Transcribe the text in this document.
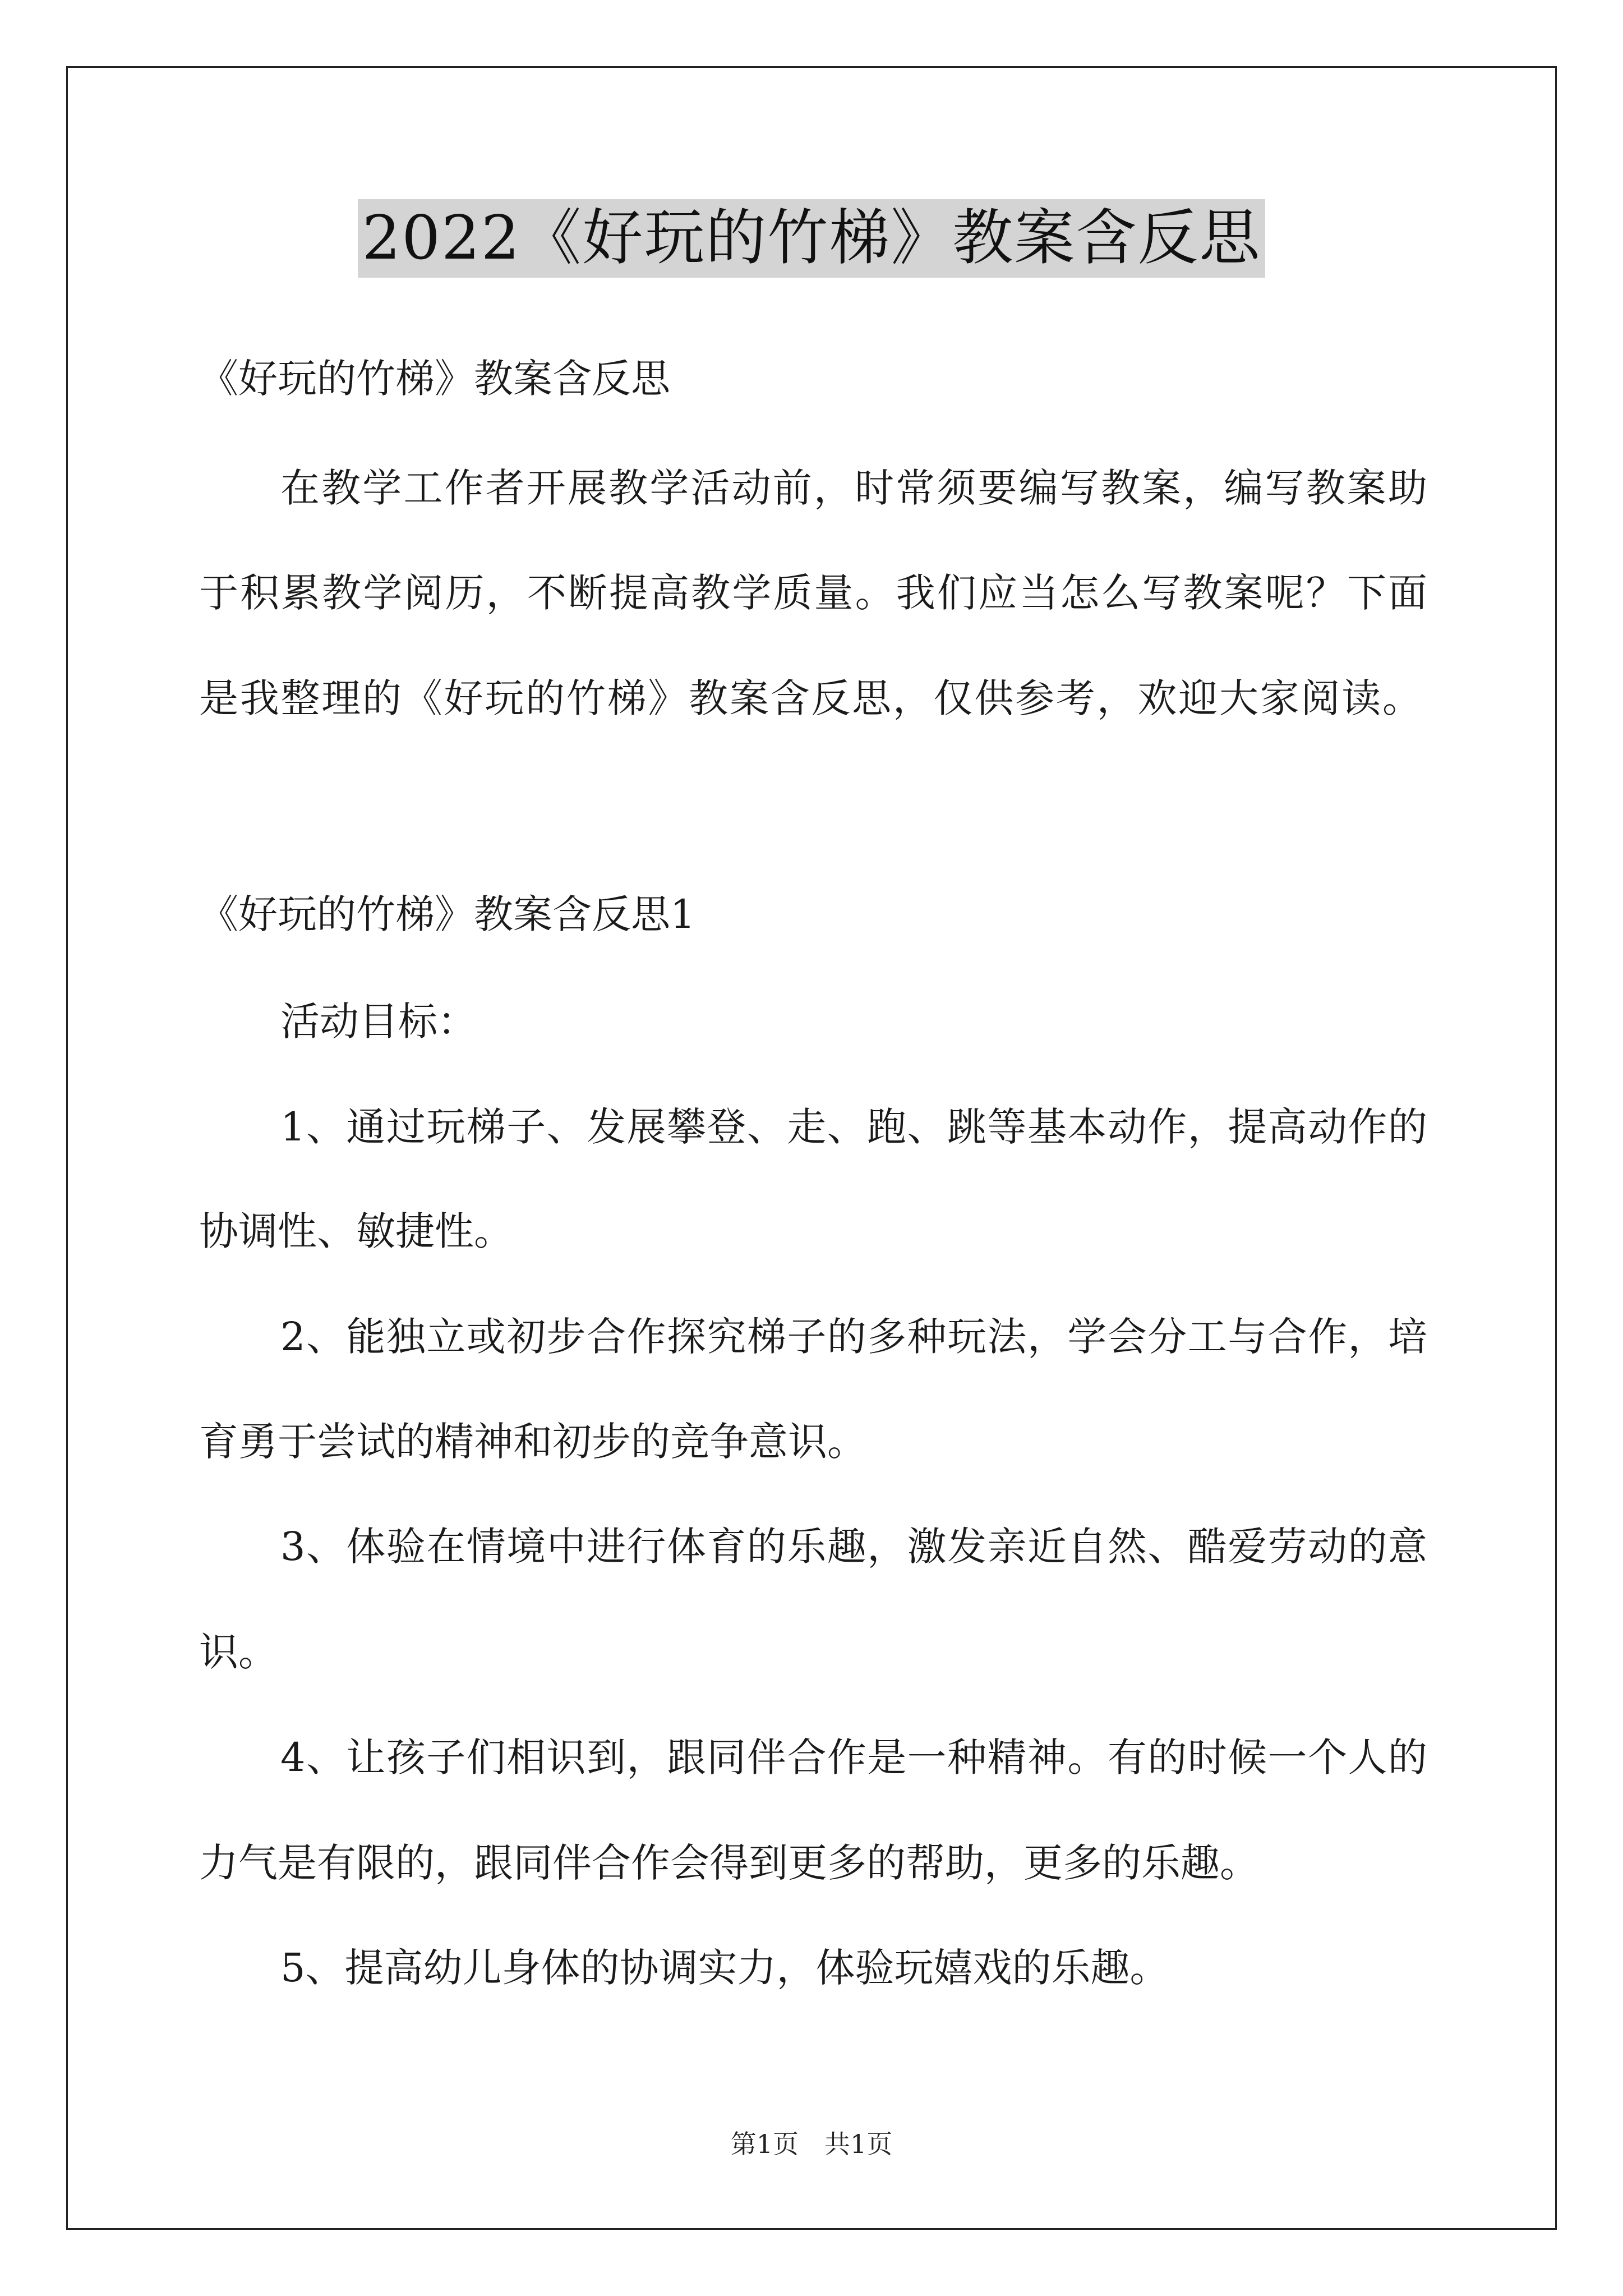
2022《好玩的竹梯》教案含反思
《好玩的竹梯》教案含反思
在教学工作者开展教学活动前，时常须要编写教案，编写教案助
于积累教学阅历，不断提高教学质量。我们应当怎么写教案呢？下面
是我整理的《好玩的竹梯》教案含反思，仅供参考，欢迎大家阅读。
《好玩的竹梯》教案含反思1
活动目标：
1、通过玩梯子、发展攀登、走、跑、跳等基本动作，提高动作的
协调性、敏捷性。
2、能独立或初步合作探究梯子的多种玩法，学会分工与合作，培
育勇于尝试的精神和初步的竞争意识。
3、体验在情境中进行体育的乐趣，激发亲近自然、酷爱劳动的意
识。
4、让孩子们相识到，跟同伴合作是一种精神。有的时候一个人的
力气是有限的，跟同伴合作会得到更多的帮助，更多的乐趣。
5、提高幼儿身体的协调实力，体验玩嬉戏的乐趣。
第1页　共1页
